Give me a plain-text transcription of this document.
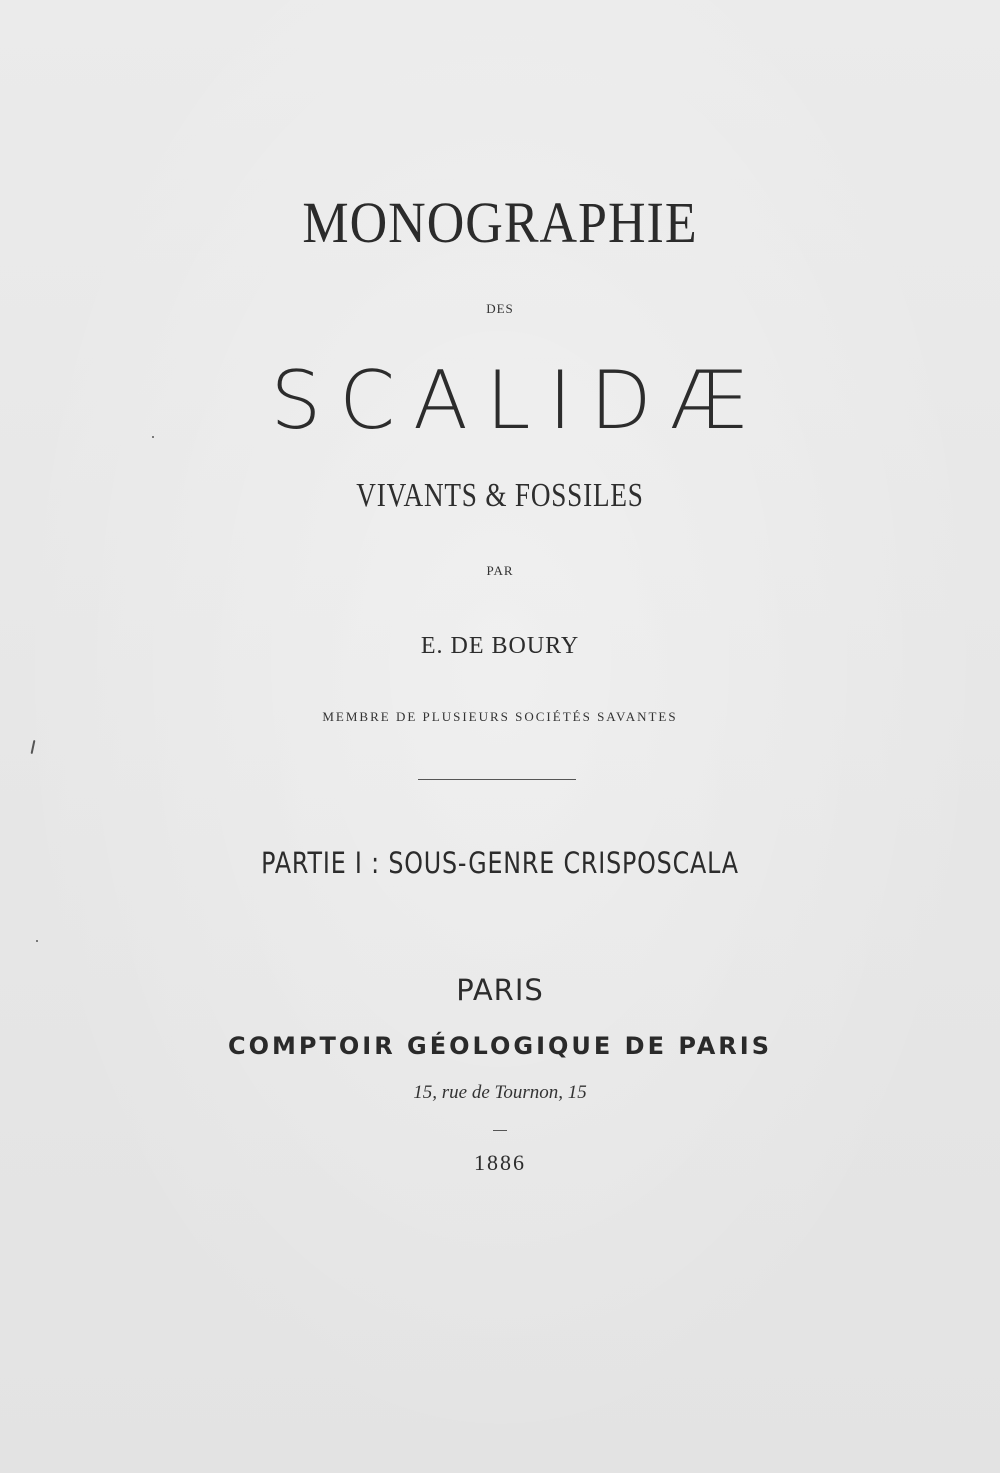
MONOGRAPHIE
DES
SCALIDÆ
VIVANTS & FOSSILES
PAR
E. DE BOURY
MEMBRE DE PLUSIEURS SOCIÉTÉS SAVANTES
PARTIE I : SOUS-GENRE CRISPOSCALA
PARIS
COMPTOIR GÉOLOGIQUE DE PARIS
15, rue de Tournon, 15
1886
